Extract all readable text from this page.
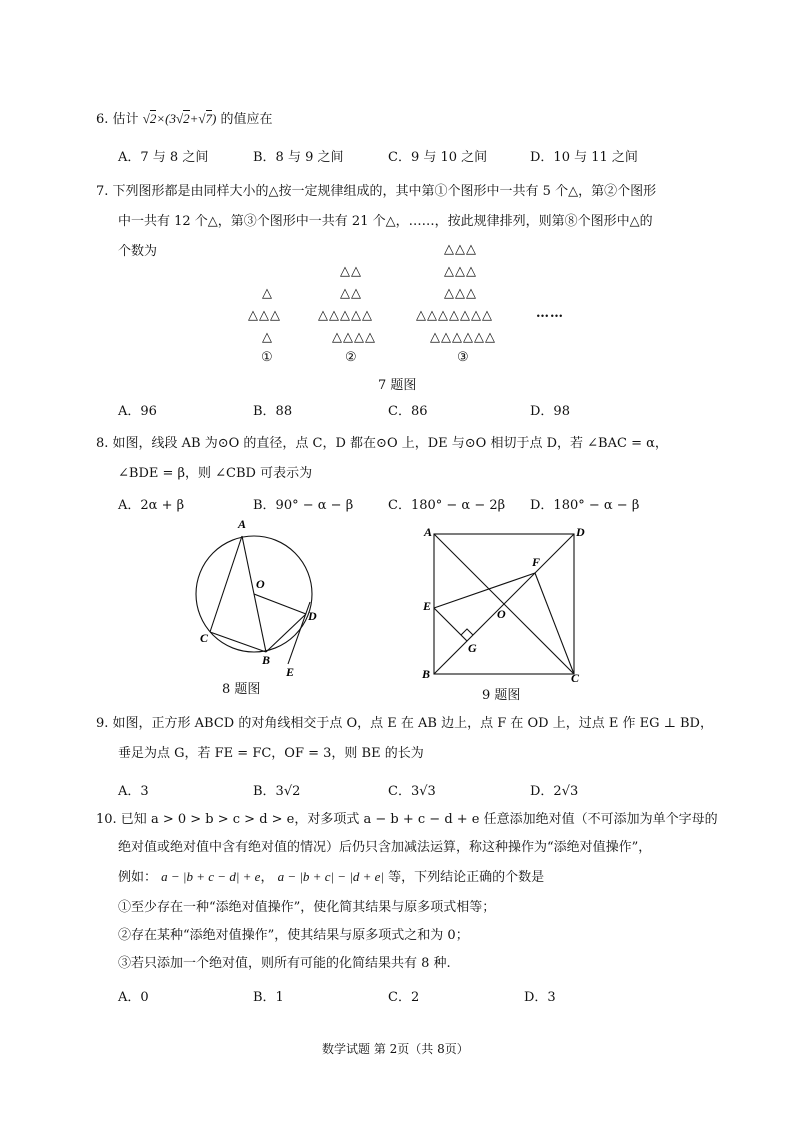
6. 估计 √2×(3√2+√7) 的值应在
A．7 与 8 之间	B．8 与 9 之间	C．9 与 10 之间	D．10 与 11 之间
7. 下列图形都是由同样大小的△按一定规律组成的，其中第①个图形中一共有 5 个△，第②个图形
中一共有 12 个△，第③个图形中一共有 21 个△，……，按此规律排列，则第⑧个图形中△的
个数为
△
△△△
△
①
△△
△△
△△△△△
△△△△
②
△△△
△△△
△△△
△△△△△△△
△△△△△△
③
……
7 题图
A．96	B．88	C．86	D．98
8. 如图，线段 AB 为⊙O 的直径，点 C，D 都在⊙O 上，DE 与⊙O 相切于点 D，若 ∠BAC = α，
∠BDE = β，则 ∠CBD 可表示为
A．2α + β	B．90° − α − β	C．180° − α − 2β D．180° − α − β
A
O
C
D
B
E
8 题图
A	D
F
E
O
G
B	C
9 题图
9. 如图，正方形 ABCD 的对角线相交于点 O，点 E 在 AB 边上，点 F 在 OD 上，过点 E 作 EG ⊥ BD，
垂足为点 G，若 FE = FC，OF = 3，则 BE 的长为
A．3	B．3√2	C．3√3	D．2√3
10. 已知 a > 0 > b > c > d > e，对多项式 a − b + c − d + e 任意添加绝对值（不可添加为单个字母的
绝对值或绝对值中含有绝对值的情况）后仍只含加减法运算，称这种操作为“添绝对值操作”，
例如： a − |b + c − d| + e， a − |b + c| − |d + e| 等，下列结论正确的个数是
①至少存在一种“添绝对值操作”，使化简其结果与原多项式相等；
②存在某种“添绝对值操作”，使其结果与原多项式之和为 0；
③若只添加一个绝对值，则所有可能的化简结果共有 8 种.
A．0	B．1	C．2	D．3
数学试题 第 2页（共 8页）
